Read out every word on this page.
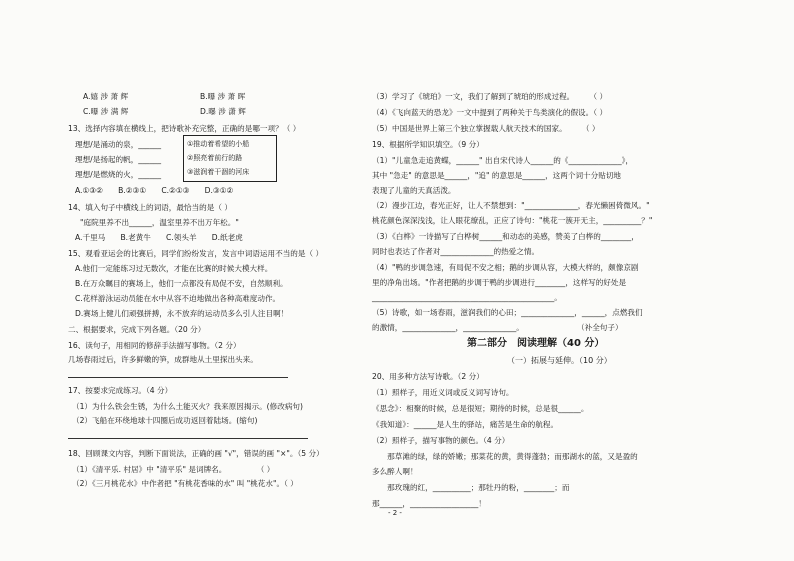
A.嬉 涉 萧 辉	B.曝 涉 萧 晖
C.曝 涉 满 辉	D.曝 涉 潇 辉
13、选择内容填在横线上，把诗歌补充完整，正确的是哪一项？（ ）
理想/是涌动的泉，______
理想/是扬起的帆，______
理想/是燃烧的火，______
①推动着希望的小船
②照亮着前行的路
③滋润着干涸的河床
A.①③②　　B.②③①　　C.②①③　　D.③①②
14、填入句子中横线上的词语，最恰当的是（ ）
"庭院里养不出______，温室里养不出万年松。"
A.千里马　　B.老黄牛　　C.领头羊　　D.纸老虎
15、观看亚运会的比赛后，同学们纷纷发言，发言中词语运用不当的是（ ）
A.他们一定能练习过无数次，才能在比赛的时候大模大样。
B.在万众瞩目的赛场上，他们一点都没有局促不安，自然顺利。
C.花样游泳运动员能在水中从容不迫地做出各种高难度动作。
D.赛场上健儿们顽强拼搏，永不放弃的运动员多么引人注目啊！
二、根据要求，完成下列各题。（20 分）
16、读句子，用相同的修辞手法描写事物。（2 分）
几场春雨过后，许多鲜嫩的笋，成群地从土里探出头来。
17、按要求完成练习。（4 分）
（1）为什么铁会生锈，为什么土能灭火？我来原因揭示。(修改病句)
（2）飞船在环绕地球十四圈后成功返回着陆场。(缩句)
18、回顾课文内容，判断下面说法，正确的画 "√"，错误的画 "×"。（5 分）
（1）《清平乐. 村居》中 "清平乐" 是词牌名。　　　　　（ ）
（2）《三月桃花水》中作者把 "有桃花香味的水" 叫 "桃花水"。（ ）
（3）学习了《琥珀》一文，我们了解到了琥珀的形成过程。　　　（ ）
（4）《飞向蓝天的恐龙》一文中提到了两种关于鸟类演化的假设。（ ）
（5）中国是世界上第三个独立掌握载人航天技术的国家。　　　（ ）
19、根据所学知识填空。（9 分）
（1）"儿童急走追黄蝶，______" 出自宋代诗人______的《______________》，
其中 "急走" 的意思是______，"追" 的意思是______，这两个词十分贴切地
表现了儿童的天真活泼。
（2）漫步江边，春光正好，让人不禁想到："______________，春光懒困倚微风。"
桃花颜色深深浅浅，让人眼花缭乱，正应了诗句："桃花一簇开无主，__________？"
（3）《白桦》一诗描写了白桦树______和动态的美感，赞美了白桦的________，
同时也表达了作者对______________的热爱之情。
（4）"鸭的步调急速，有局促不安之相；鹅的步调从容，大模大样的，颇像京剧
里的净角出场。"作者把鹅的步调于鸭的步调进行________，这样写的好处是
________________________________________________。
（5）诗歌，如一场春雨，滋润我们的心田；______________，______，点燃我们
的激情，______________，______________。　　　　　　　　（补全句子）
第二部分　阅读理解（40 分）
（一）拓展与延伸。（10 分）
20、用多种方法写诗歌。（2 分）
（1）照样子，用近义词或反义词写诗句。
《思念》：相聚的时候，总是很短；期待的时候，总是很______。
《我知道》：______是人生的驿站，痛苦是生命的航程。
（2）照样子，描写事物的颜色。（4 分）
　　那草滩的绿，绿的娇嫩；那菜花的黄，黄得蓬勃；而那湖水的蓝，又是盈的
多么醉人啊！
　　那玫瑰的红，__________；那牡丹的粉，________；而
那______，__________________！
- 2 -
